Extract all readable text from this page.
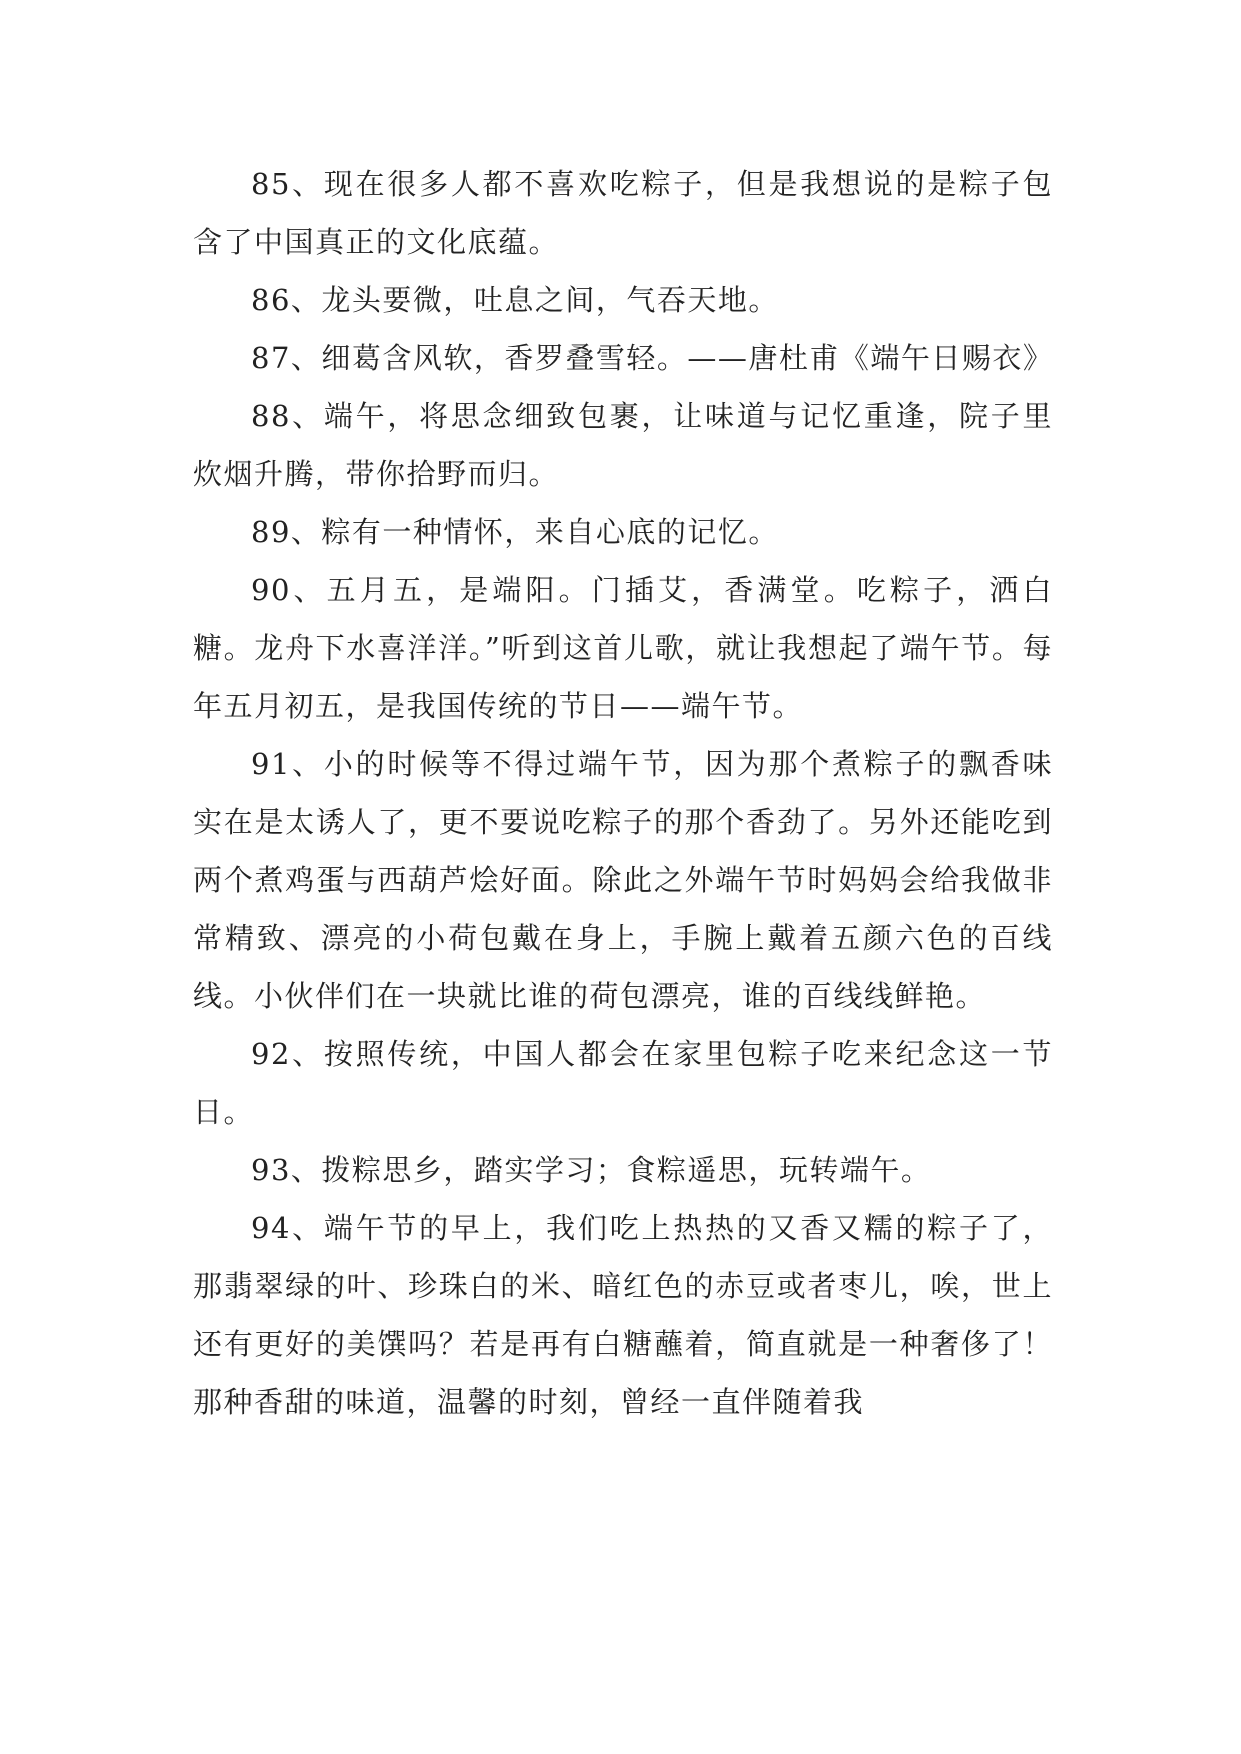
85、现在很多人都不喜欢吃粽子，但是我想说的是粽子包含了中国真正的文化底蕴。

86、龙头要微，吐息之间，气吞天地。

87、细葛含风软，香罗叠雪轻。——唐杜甫《端午日赐衣》

88、端午，将思念细致包裹，让味道与记忆重逢，院子里炊烟升腾，带你拾野而归。

89、粽有一种情怀，来自心底的记忆。

90、五月五，是端阳。门插艾，香满堂。吃粽子，洒白糖。龙舟下水喜洋洋。”听到这首儿歌，就让我想起了端午节。每年五月初五，是我国传统的节日——端午节。

91、小的时候等不得过端午节，因为那个煮粽子的飘香味实在是太诱人了，更不要说吃粽子的那个香劲了。另外还能吃到两个煮鸡蛋与西葫芦烩好面。除此之外端午节时妈妈会给我做非常精致、漂亮的小荷包戴在身上，手腕上戴着五颜六色的百线线。小伙伴们在一块就比谁的荷包漂亮，谁的百线线鲜艳。

92、按照传统，中国人都会在家里包粽子吃来纪念这一节日。

93、拨粽思乡，踏实学习；食粽遥思，玩转端午。

94、端午节的早上，我们吃上热热的又香又糯的粽子了，那翡翠绿的叶、珍珠白的米、暗红色的赤豆或者枣儿，唉，世上还有更好的美馔吗？若是再有白糖蘸着，简直就是一种奢侈了！那种香甜的味道，温馨的时刻，曾经一直伴随着我
